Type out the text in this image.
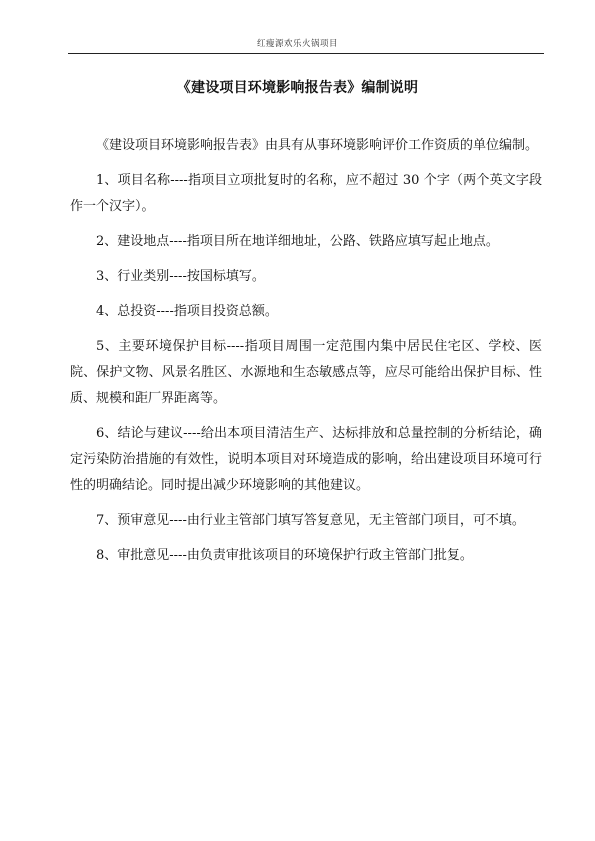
红瘦源欢乐火锅项目
《建设项目环境影响报告表》编制说明

《建设项目环境影响报告表》由具有从事环境影响评价工作资质的单位编制。

1、项目名称----指项目立项批复时的名称，应不超过 30 个字（两个英文字段作一个汉字）。

2、建设地点----指项目所在地详细地址，公路、铁路应填写起止地点。

3、行业类别----按国标填写。

4、总投资----指项目投资总额。

5、主要环境保护目标----指项目周围一定范围内集中居民住宅区、学校、医院、保护文物、风景名胜区、水源地和生态敏感点等，应尽可能给出保护目标、性质、规模和距厂界距离等。

6、结论与建议----给出本项目清洁生产、达标排放和总量控制的分析结论，确定污染防治措施的有效性，说明本项目对环境造成的影响，给出建设项目环境可行性的明确结论。同时提出减少环境影响的其他建议。

7、预审意见----由行业主管部门填写答复意见，无主管部门项目，可不填。

8、审批意见----由负责审批该项目的环境保护行政主管部门批复。
